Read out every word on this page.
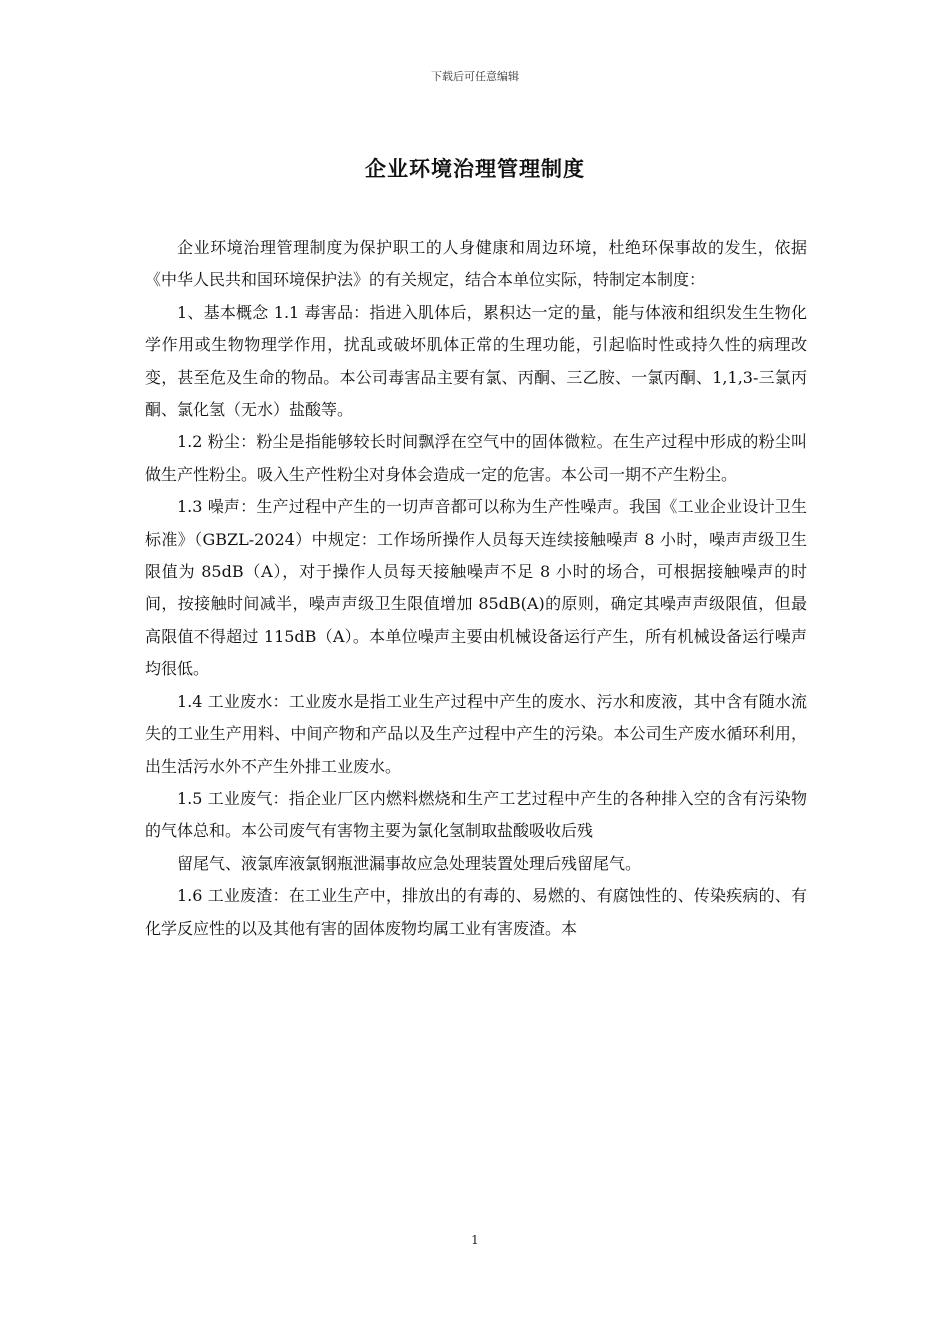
下载后可任意编辑
企业环境治理管理制度

企业环境治理管理制度为保护职工的人身健康和周边环境，杜绝环保事故的发生，依据《中华人民共和国环境保护法》的有关规定，结合本单位实际，特制定本制度：

1、基本概念 1.1 毒害品：指进入肌体后，累积达一定的量，能与体液和组织发生生物化学作用或生物物理学作用，扰乱或破坏肌体正常的生理功能，引起临时性或持久性的病理改变，甚至危及生命的物品。本公司毒害品主要有氯、丙酮、三乙胺、一氯丙酮、1,1,3-三氯丙酮、氯化氢（无水）盐酸等。

1.2 粉尘：粉尘是指能够较长时间飘浮在空气中的固体微粒。在生产过程中形成的粉尘叫做生产性粉尘。吸入生产性粉尘对身体会造成一定的危害。本公司一期不产生粉尘。

1.3 噪声：生产过程中产生的一切声音都可以称为生产性噪声。我国《工业企业设计卫生标准》（GBZL-2024）中规定：工作场所操作人员每天连续接触噪声 8 小时，噪声声级卫生限值为 85dB（A），对于操作人员每天接触噪声不足 8 小时的场合，可根据接触噪声的时间，按接触时间减半，噪声声级卫生限值增加 85dB(A)的原则，确定其噪声声级限值，但最高限值不得超过 115dB（A）。本单位噪声主要由机械设备运行产生，所有机械设备运行噪声均很低。

1.4 工业废水：工业废水是指工业生产过程中产生的废水、污水和废液，其中含有随水流失的工业生产用料、中间产物和产品以及生产过程中产生的污染。本公司生产废水循环利用，出生活污水外不产生外排工业废水。

1.5 工业废气：指企业厂区内燃料燃烧和生产工艺过程中产生的各种排入空的含有污染物的气体总和。本公司废气有害物主要为氯化氢制取盐酸吸收后残

留尾气、液氯库液氯钢瓶泄漏事故应急处理装置处理后残留尾气。

1.6 工业废渣：在工业生产中，排放出的有毒的、易燃的、有腐蚀性的、传染疾病的、有化学反应性的以及其他有害的固体废物均属工业有害废渣。本

1
